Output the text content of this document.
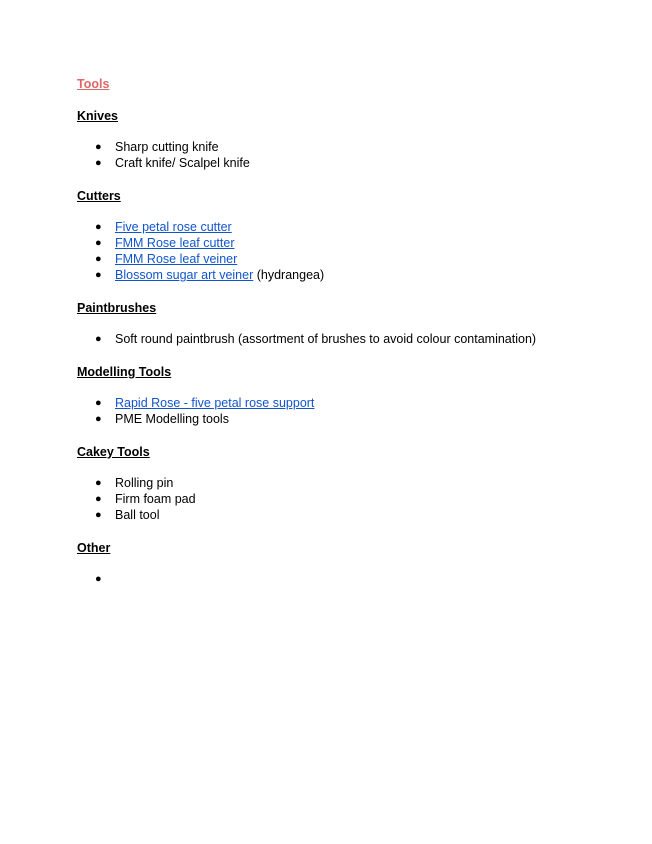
Tools
Knives
● Sharp cutting knife
● Craft knife/ Scalpel knife
Cutters
● Five petal rose cutter
● FMM Rose leaf cutter
● FMM Rose leaf veiner
● Blossom sugar art veiner (hydrangea)
Paintbrushes
● Soft round paintbrush (assortment of brushes to avoid colour contamination)
Modelling Tools
● Rapid Rose - five petal rose support
● PME Modelling tools
Cakey Tools
● Rolling pin
● Firm foam pad
● Ball tool
Other
●
